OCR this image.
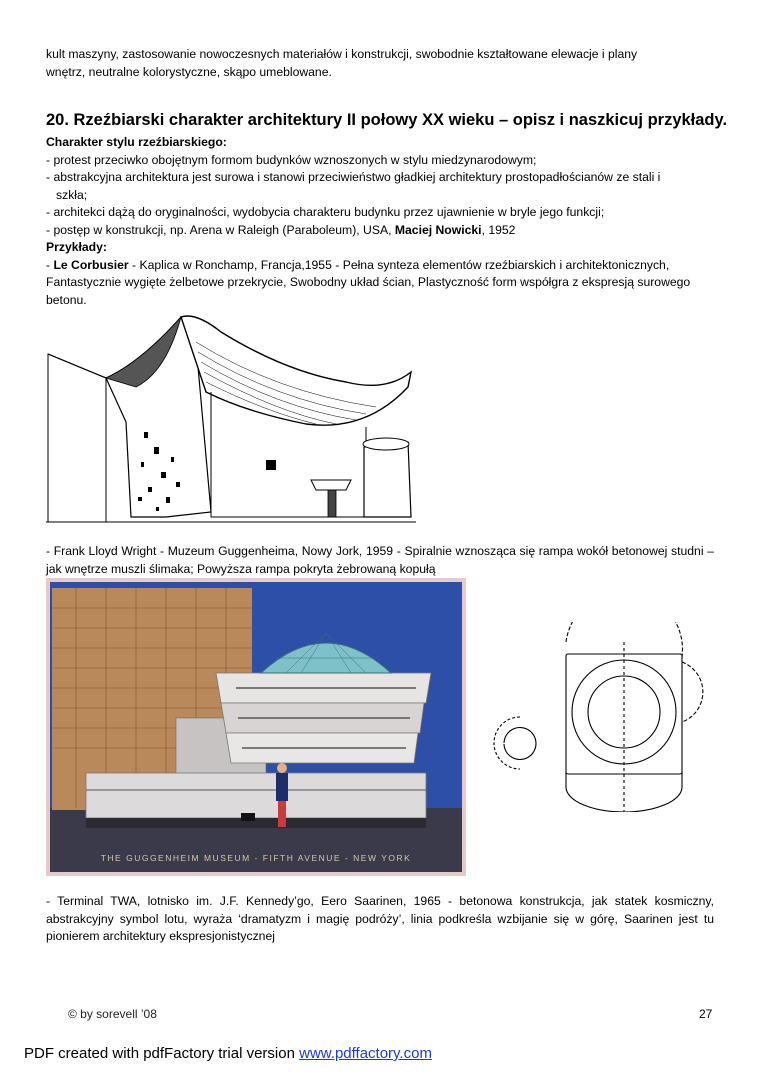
kult maszyny, zastosowanie nowoczesnych materiałów i konstrukcji, swobodnie kształtowane elewacje i plany
wnętrz, neutralne kolorystyczne, skąpo umeblowane.
20. Rzeźbiarski charakter architektury II połowy XX wieku – opisz i naszkicuj przykłady.
Charakter stylu rzeźbiarskiego:
- protest przeciwko obojętnym formom budynków wznoszonych w stylu miedzynarodowym;
- abstrakcyjna architektura jest surowa i stanowi przeciwieństwo gładkiej architektury prostopadłościanów ze stali i
szkła;
- architekci dążą do oryginalności, wydobycia charakteru budynku przez ujawnienie w bryle jego funkcji;
- postęp w konstrukcji, np. Arena w Raleigh (Paraboleum), USA, Maciej Nowicki, 1952
Przykłady:
- Le Corbusier - Kaplica w Ronchamp, Francja,1955 - Pełna synteza elementów rzeźbiarskich i architektonicznych, Fantastycznie wygięte żelbetowe przekrycie, Swobodny układ ścian, Plastyczność form współgra z ekspresją surowego betonu.
- Frank Lloyd Wright - Muzeum Guggenheima, Nowy Jork, 1959 - Spiralnie wznosząca się rampa wokół betonowej studni – jak wnętrze muszli ślimaka; Powyższa rampa pokryta żebrowaną kopułą
THE GUGGENHEIM MUSEUM - FIFTH AVENUE - NEW YORK
- Terminal TWA, lotnisko im. J.F. Kennedy’go, Eero Saarinen, 1965 - betonowa konstrukcja, jak statek kosmiczny, abstrakcyjny symbol lotu, wyraża ‘dramatyzm i magię podróży’, linia podkreśla wzbijanie się w górę, Saarinen jest tu pionierem architektury ekspresjonistycznej
© by sorevell ’08	27
PDF created with pdfFactory trial version www.pdffactory.com
